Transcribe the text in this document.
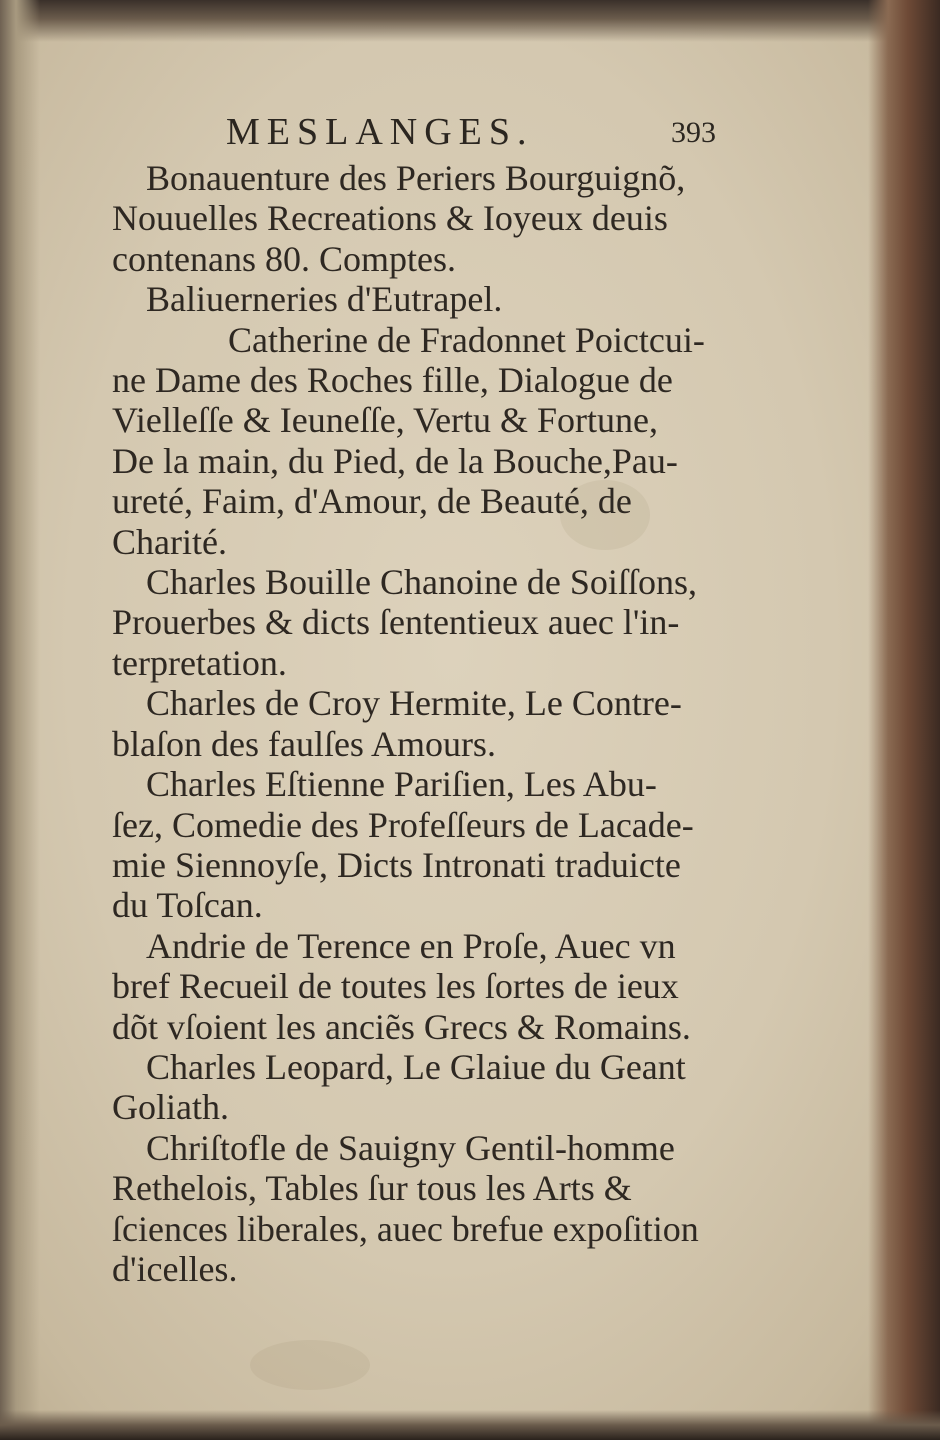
MESLANGES.	393
Bonauenture des Periers Bourguignõ,
Nouuelles Recreations & Ioyeux deuis
contenans 80. Comptes.
Baliuerneries d'Eutrapel.
Catherine de Fradonnet Poictcui-
ne Dame des Roches fille, Dialogue de
Vielleſſe & Ieuneſſe, Vertu & Fortune,
De la main, du Pied, de la Bouche,Pau-
ureté, Faim, d'Amour, de Beauté, de
Charité.
Charles Bouille Chanoine de Soiſſons,
Prouerbes & dicts ſententieux auec l'in-
terpretation.
Charles de Croy Hermite, Le Contre-
blaſon des faulſes Amours.
Charles Eſtienne Pariſien, Les Abu-
ſez, Comedie des Profeſſeurs de Lacade-
mie Siennoyſe, Dicts Intronati traduicte
du Toſcan.
Andrie de Terence en Proſe, Auec vn
bref Recueil de toutes les ſortes de ieux
dõt vſoient les anciẽs Grecs & Romains.
Charles Leopard, Le Glaiue du Geant
Goliath.
Chriſtofle de Sauigny Gentil-homme
Rethelois, Tables ſur tous les Arts &
ſciences liberales, auec brefue expoſition
d'icelles.
